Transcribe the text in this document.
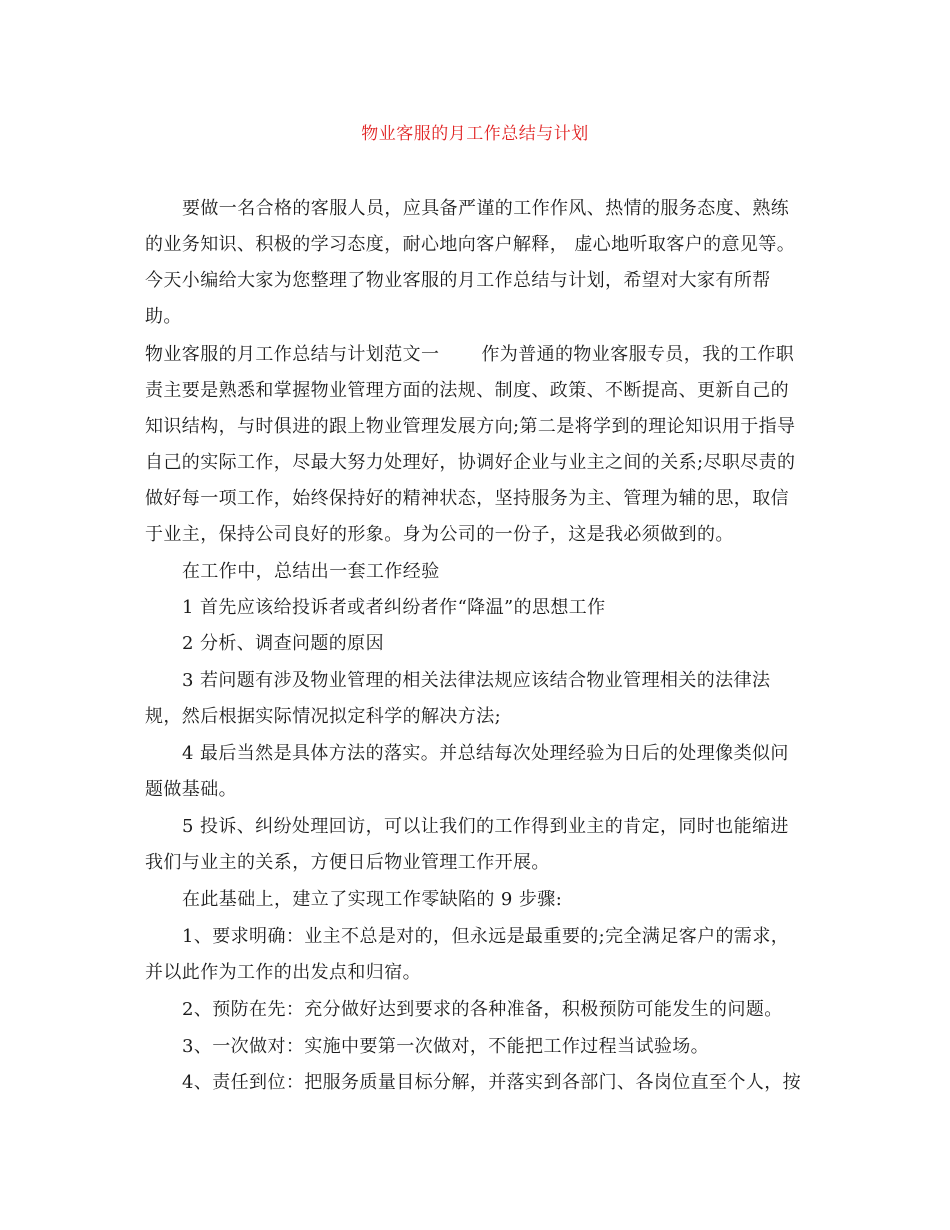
物业客服的月工作总结与计划
要做一名合格的客服人员，应具备严谨的工作作风、热情的服务态度、熟练
的业务知识、积极的学习态度，耐心地向客户解释， 虚心地听取客户的意见等。
今天小编给大家为您整理了物业客服的月工作总结与计划，希望对大家有所帮
助。
物业客服的月工作总结与计划范文一 作为普通的物业客服专员，我的工作职
责主要是熟悉和掌握物业管理方面的法规、制度、政策、不断提高、更新自己的
知识结构，与时俱进的跟上物业管理发展方向;第二是将学到的理论知识用于指导
自己的实际工作，尽最大努力处理好，协调好企业与业主之间的关系;尽职尽责的
做好每一项工作，始终保持好的精神状态，坚持服务为主、管理为辅的思，取信
于业主，保持公司良好的形象。身为公司的一份子，这是我必须做到的。
在工作中，总结出一套工作经验
1 首先应该给投诉者或者纠纷者作“降温”的思想工作
2 分析、调查问题的原因
3 若问题有涉及物业管理的相关法律法规应该结合物业管理相关的法律法
规，然后根据实际情况拟定科学的解决方法;
4 最后当然是具体方法的落实。并总结每次处理经验为日后的处理像类似问
题做基础。
5 投诉、纠纷处理回访，可以让我们的工作得到业主的肯定，同时也能缩进
我们与业主的关系，方便日后物业管理工作开展。
在此基础上，建立了实现工作零缺陷的 9 步骤:
1、要求明确：业主不总是对的，但永远是最重要的;完全满足客户的需求，
并以此作为工作的出发点和归宿。
2、预防在先：充分做好达到要求的各种准备，积极预防可能发生的问题。
3、一次做对：实施中要第一次做对，不能把工作过程当试验场。
4、责任到位：把服务质量目标分解，并落实到各部门、各岗位直至个人，按
